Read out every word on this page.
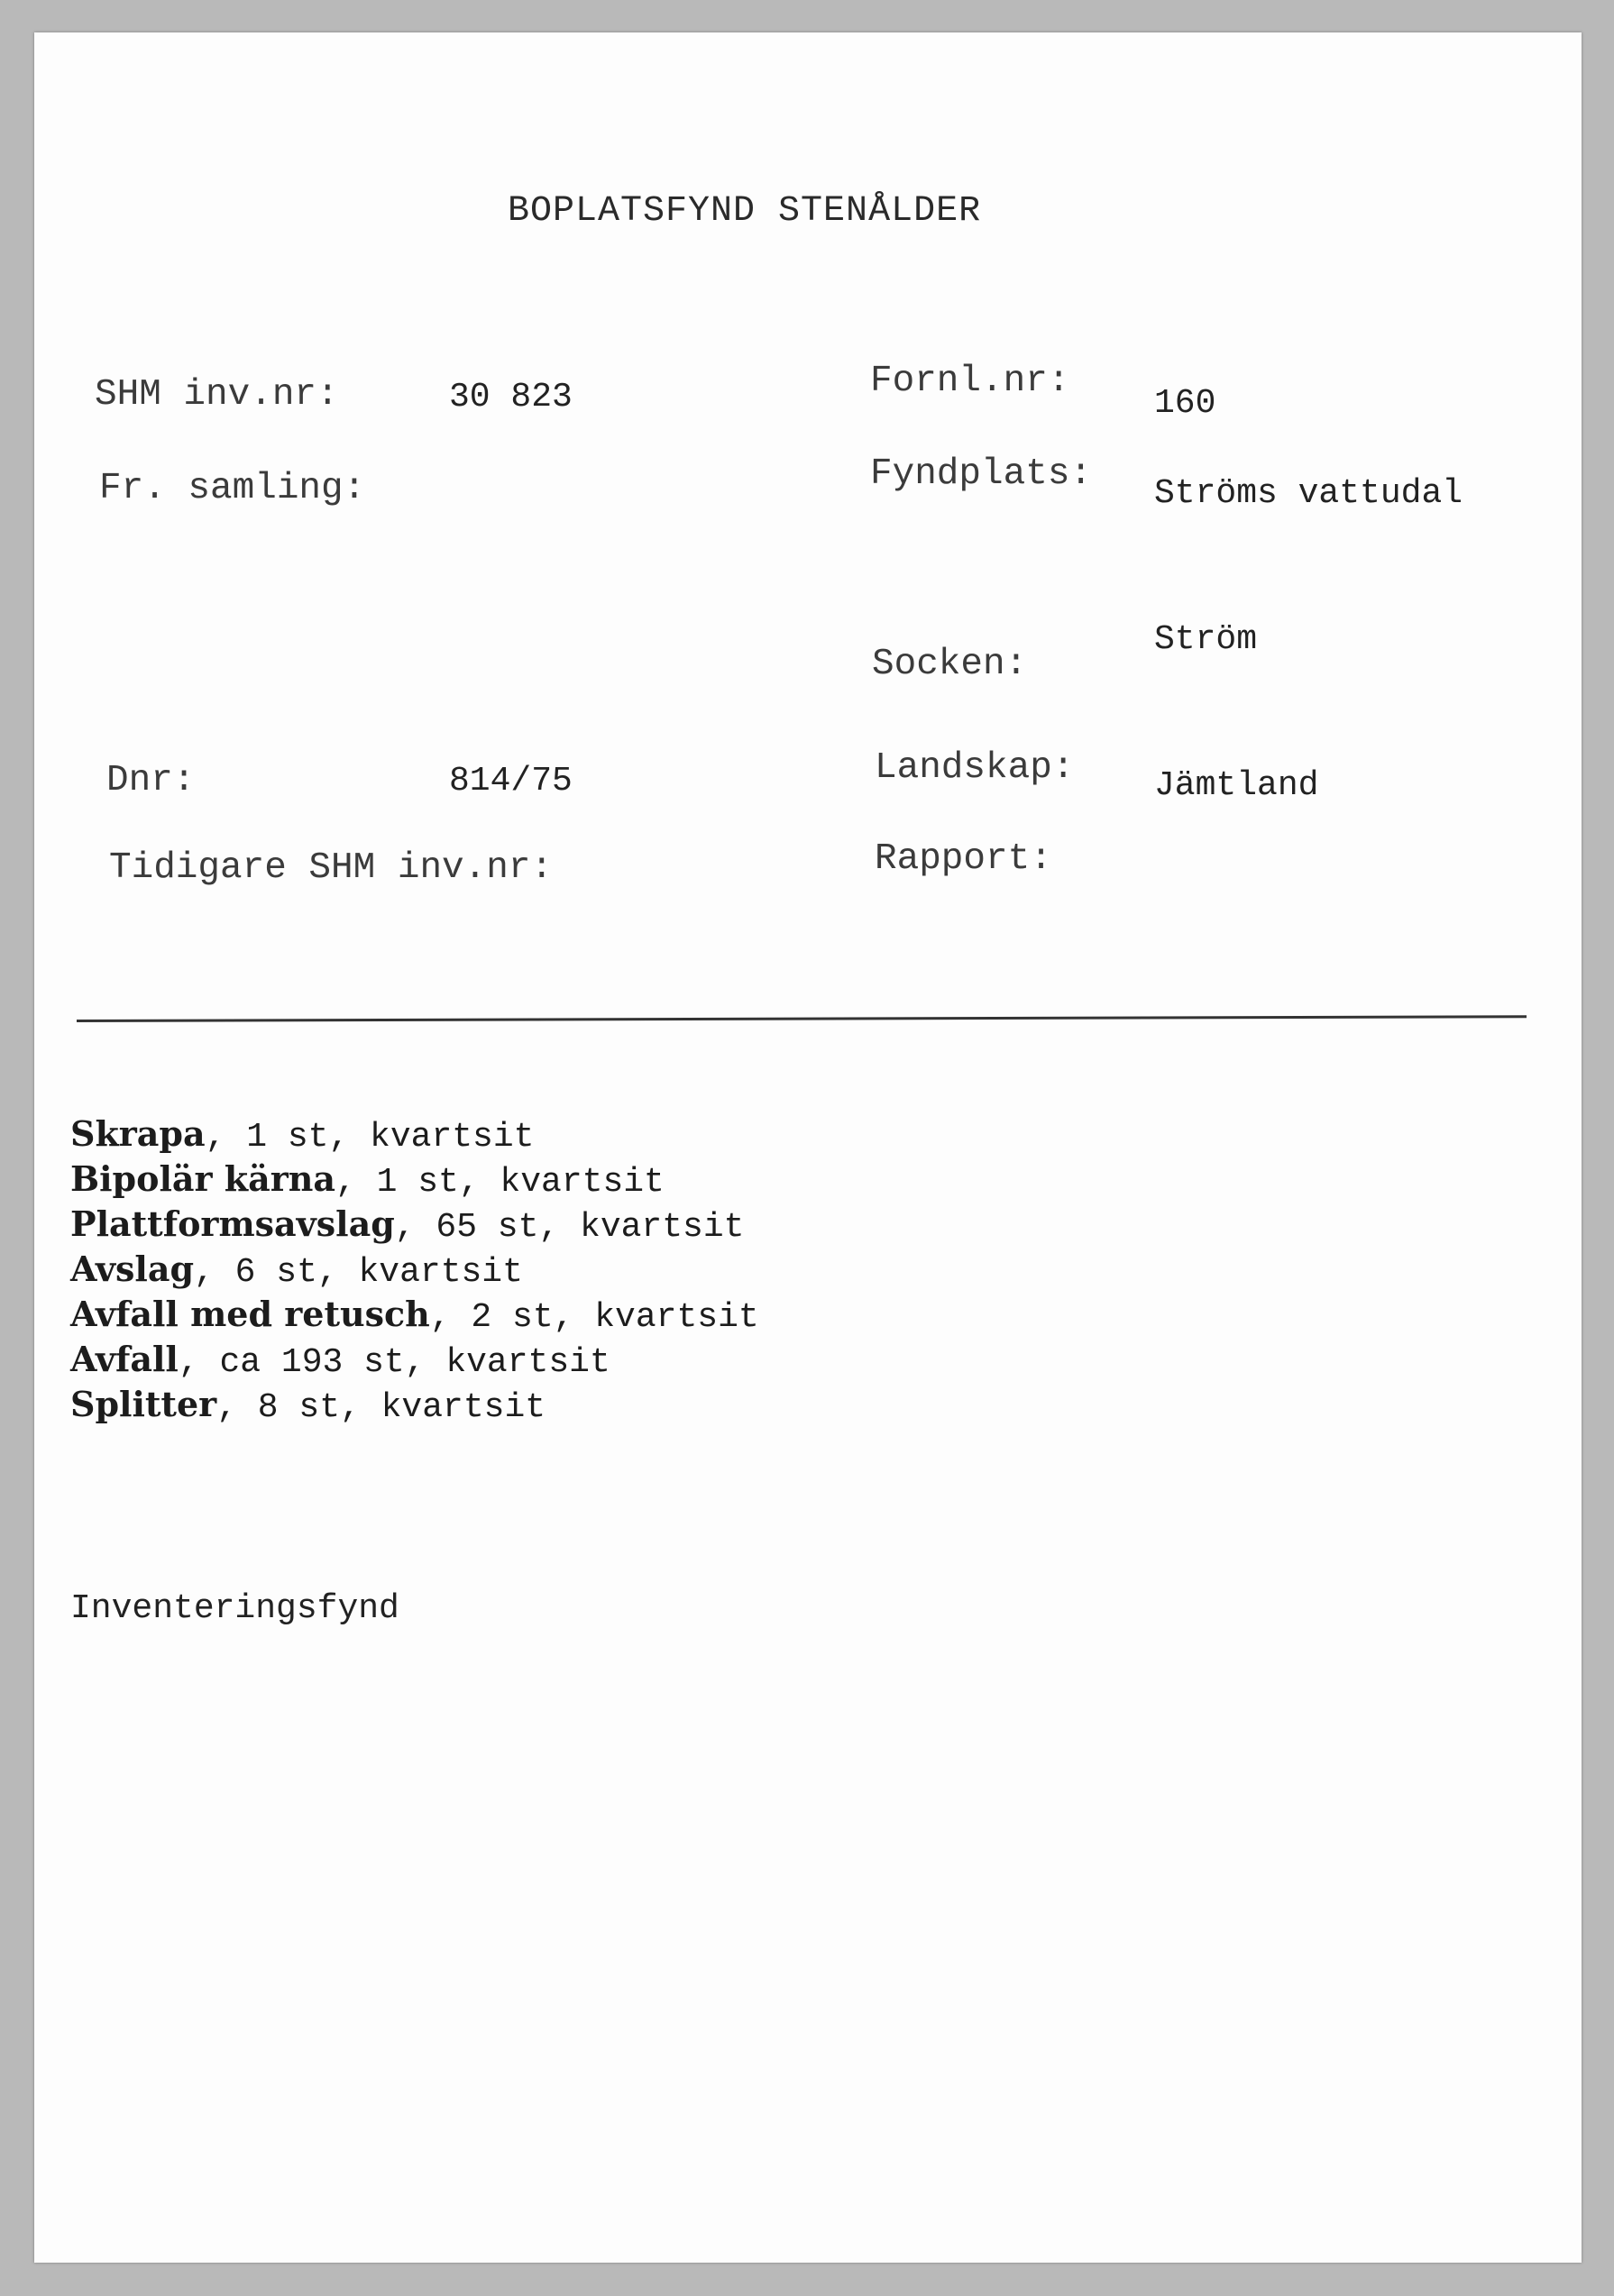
BOPLATSFYND STENÅLDER
SHM inv.nr:	30 823
Fr. samling:
Dnr:	814/75
Tidigare SHM inv.nr:
Fornl.nr:
160
Fyndplats: Ströms vattudal
Ström
Socken:
Landskap: Jämtland
Rapport:
Skrapa, 1 st, kvartsit
Bipolär kärna, 1 st, kvartsit
Plattformsavslag, 65 st, kvartsit
Avslag, 6 st, kvartsit
Avfall med retusch, 2 st, kvartsit
Avfall, ca 193 st, kvartsit
Splitter, 8 st, kvartsit
Inventeringsfynd
